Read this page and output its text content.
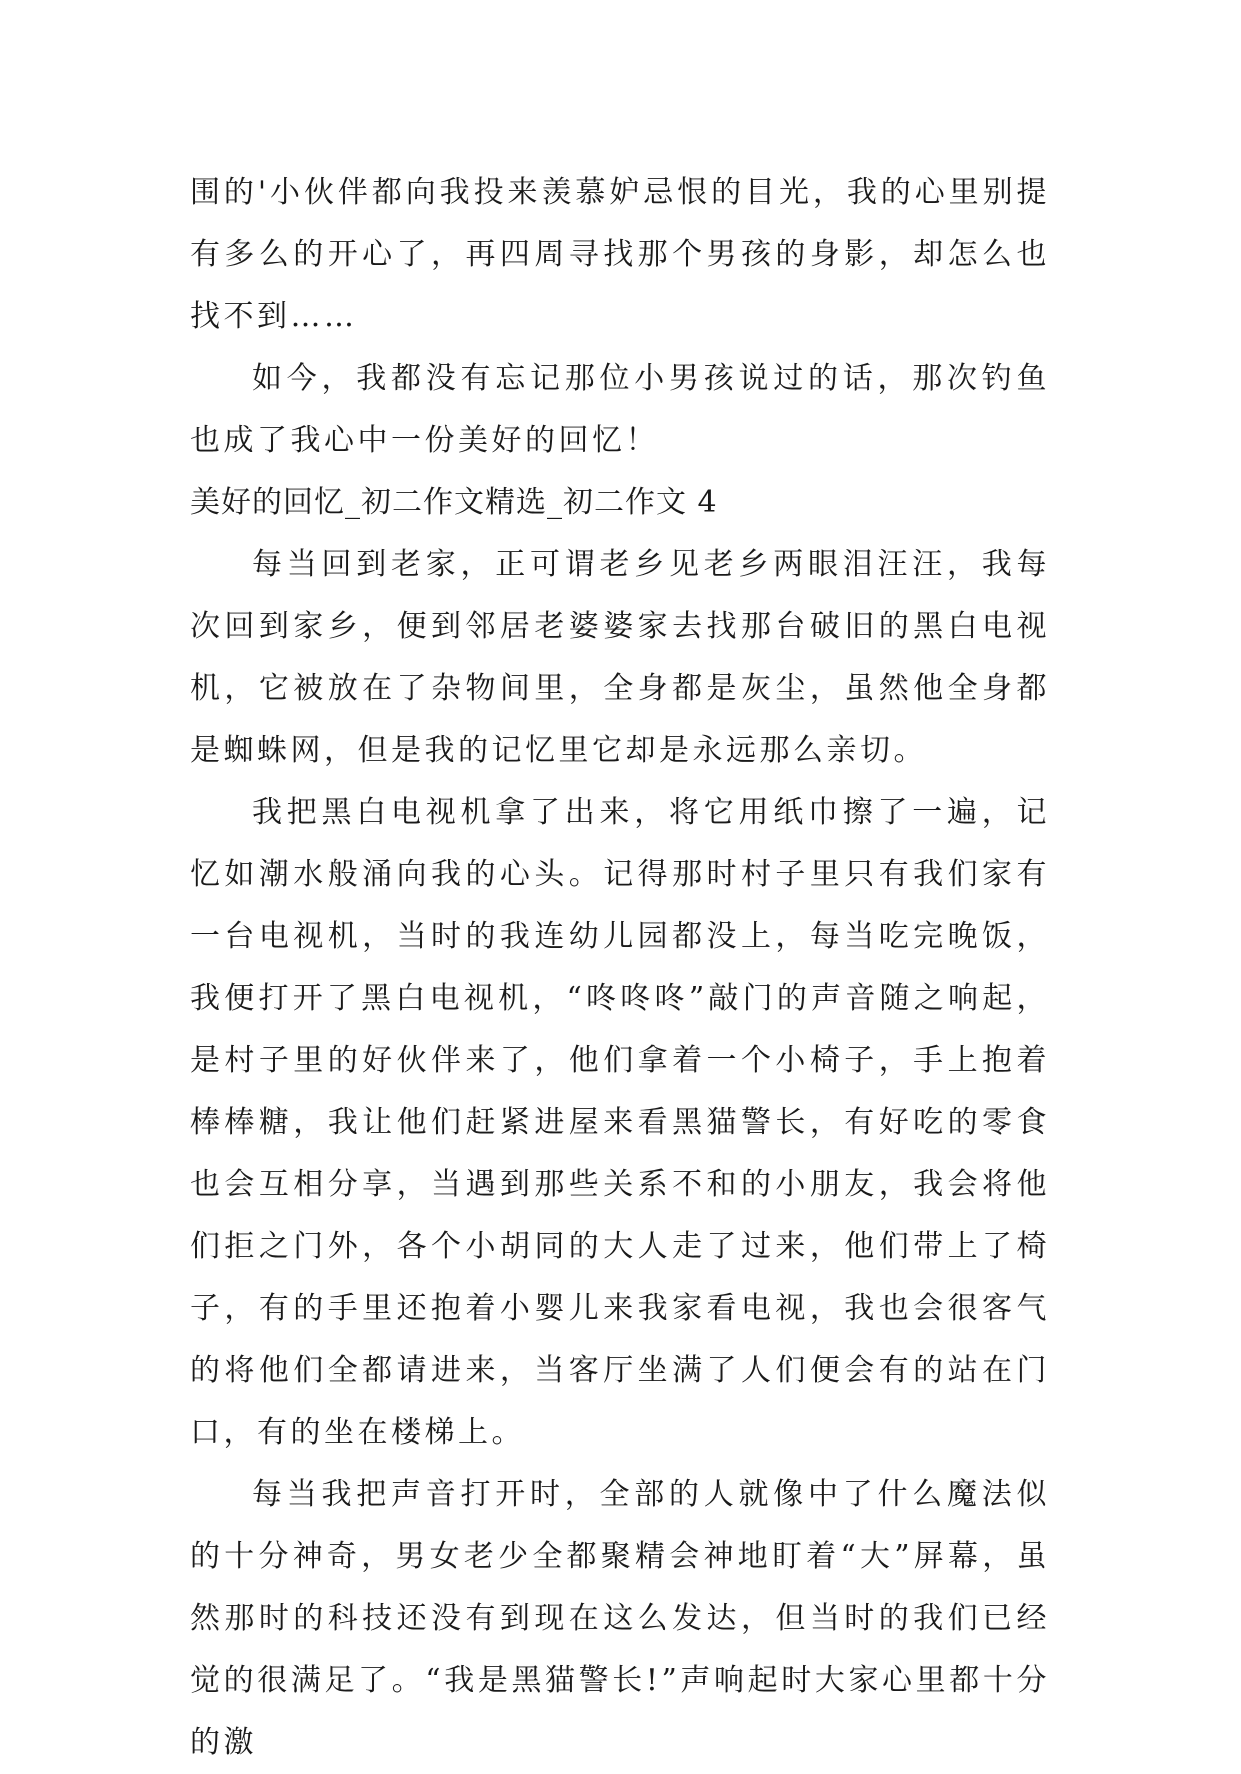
围的'小伙伴都向我投来羡慕妒忌恨的目光，我的心里别提有多么的开心了，再四周寻找那个男孩的身影，却怎么也找不到……

如今，我都没有忘记那位小男孩说过的话，那次钓鱼也成了我心中一份美好的回忆！

美好的回忆_初二作文精选_初二作文 4

每当回到老家，正可谓老乡见老乡两眼泪汪汪，我每次回到家乡，便到邻居老婆婆家去找那台破旧的黑白电视机，它被放在了杂物间里，全身都是灰尘，虽然他全身都是蜘蛛网，但是我的记忆里它却是永远那么亲切。

我把黑白电视机拿了出来，将它用纸巾擦了一遍，记忆如潮水般涌向我的心头。记得那时村子里只有我们家有一台电视机，当时的我连幼儿园都没上，每当吃完晚饭，我便打开了黑白电视机，“咚咚咚”敲门的声音随之响起，是村子里的好伙伴来了，他们拿着一个小椅子，手上抱着棒棒糖，我让他们赶紧进屋来看黑猫警长，有好吃的零食也会互相分享，当遇到那些关系不和的小朋友，我会将他们拒之门外，各个小胡同的大人走了过来，他们带上了椅子，有的手里还抱着小婴儿来我家看电视，我也会很客气的将他们全都请进来，当客厅坐满了人们便会有的站在门口，有的坐在楼梯上。

每当我把声音打开时，全部的人就像中了什么魔法似的十分神奇，男女老少全都聚精会神地盯着“大”屏幕，虽然那时的科技还没有到现在这么发达，但当时的我们已经觉的很满足了。“我是黑猫警长!”声响起时大家心里都十分的激
